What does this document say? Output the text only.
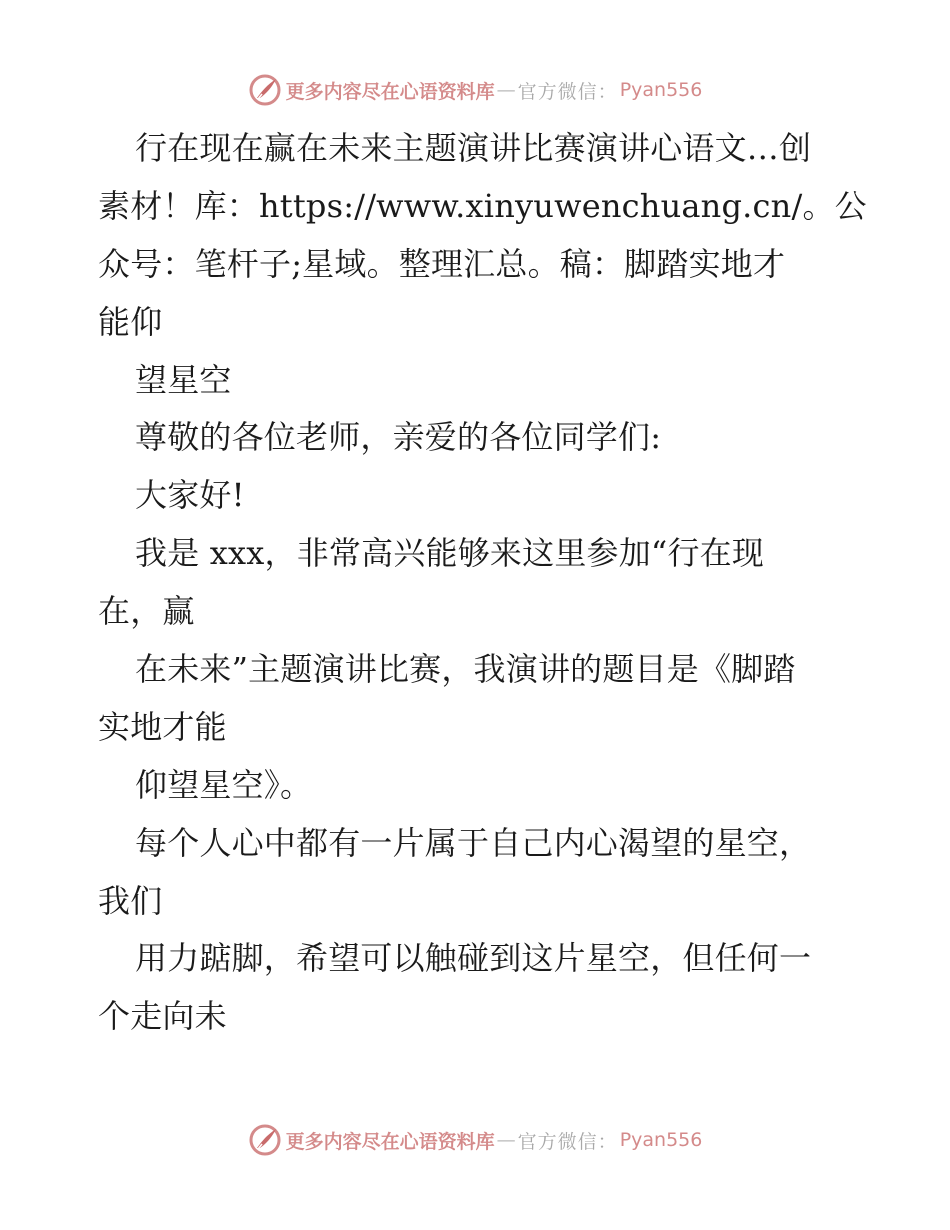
更多内容尽在心语资料库 — 官方微信： Pyan556
行在现在赢在未来主题演讲比赛演讲心语文…创
素材！库：https://www.xinyuwenchuang.cn/。公
众号：笔杆子;星域。整理汇总。稿：脚踏实地才
能仰
望星空
尊敬的各位老师，亲爱的各位同学们:
大家好!
我是 xxx，非常高兴能够来这里参加“行在现
在，赢
在未来”主题演讲比赛，我演讲的题目是《脚踏
实地才能
仰望星空》。
每个人心中都有一片属于自己内心渴望的星空，
我们
用力踮脚，希望可以触碰到这片星空，但任何一
个走向未
更多内容尽在心语资料库 — 官方微信： Pyan556
